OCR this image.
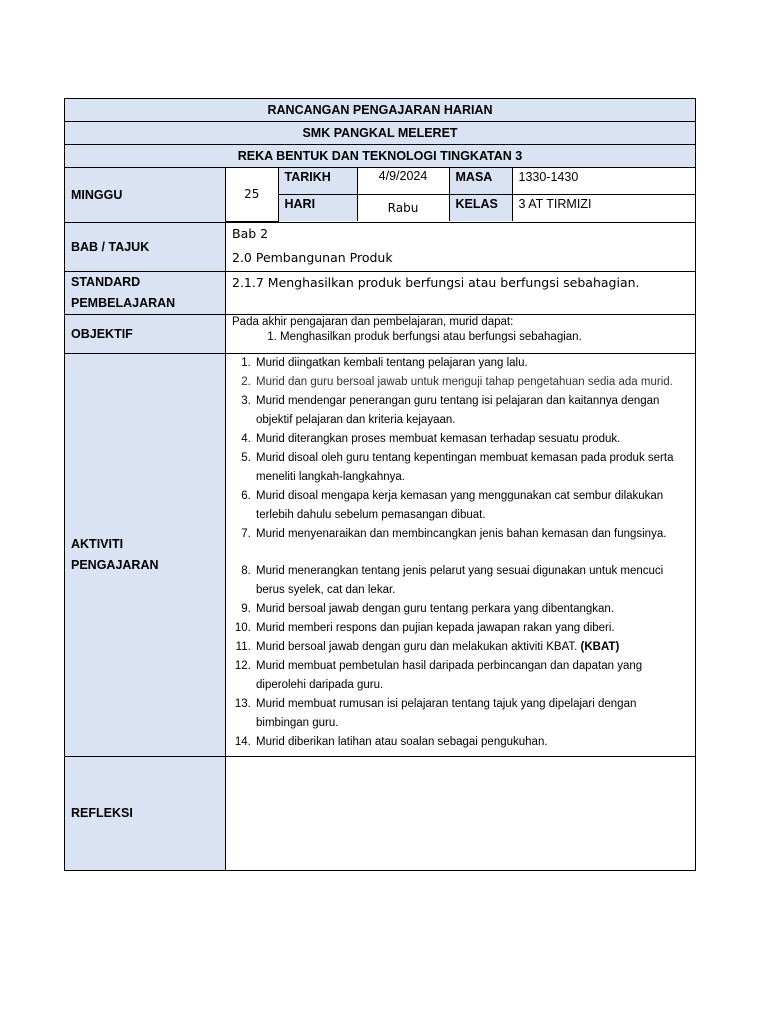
RANCANGAN PENGAJARAN HARIAN
SMK PANGKAL MELERET
REKA BENTUK DAN TEKNOLOGI TINGKATAN 3
MINGGU		25	TARIKH	4/9/2024	MASA	1330-1430
HARI	Rabu	KELAS	3 AT TIRMIZI

BAB / TAJUK	
Bab 2
2.0 Pembangunan Produk

STANDARD
PEMBELAJARAN
	2.1.7 Menghasilkan produk berfungsi atau berfungsi sebahagian.
OBJEKTIF	

Pada akhir pengajaran dan pembelajaran, murid dapat:

1. Menghasilkan produk berfungsi atau berfungsi sebahagian.

AKTIVITI
PENGAJARAN

1. Murid diingatkan kembali tentang pelajaran yang lalu.
2. Murid dan guru bersoal jawab untuk menguji tahap pengetahuan sedia ada murid.
3. Murid mendengar penerangan guru tentang isi pelajaran dan kaitannya dengan objektif pelajaran dan kriteria kejayaan.
4. Murid diterangkan proses membuat kemasan terhadap sesuatu produk.
5. Murid disoal oleh guru tentang kepentingan membuat kemasan pada produk serta meneliti langkah-langkahnya.
6. Murid disoal mengapa kerja kemasan yang menggunakan cat sembur dilakukan terlebih dahulu sebelum pemasangan dibuat.
7. Murid menyenaraikan dan membincangkan jenis bahan kemasan dan fungsinya.
8. Murid menerangkan tentang jenis pelarut yang sesuai digunakan untuk mencuci berus syelek, cat dan lekar.
9. Murid bersoal jawab dengan guru tentang perkara yang dibentangkan.
10. Murid memberi respons dan pujian kepada jawapan rakan yang diberi.
11. Murid bersoal jawab dengan guru dan melakukan aktiviti KBAT. (KBAT)
12. Murid membuat pembetulan hasil daripada perbincangan dan dapatan yang diperolehi daripada guru.
13. Murid membuat rumusan isi pelajaran tentang tajuk yang dipelajari dengan bimbingan guru.
14. Murid diberikan latihan atau soalan sebagai pengukuhan.

REFLEKSI	
